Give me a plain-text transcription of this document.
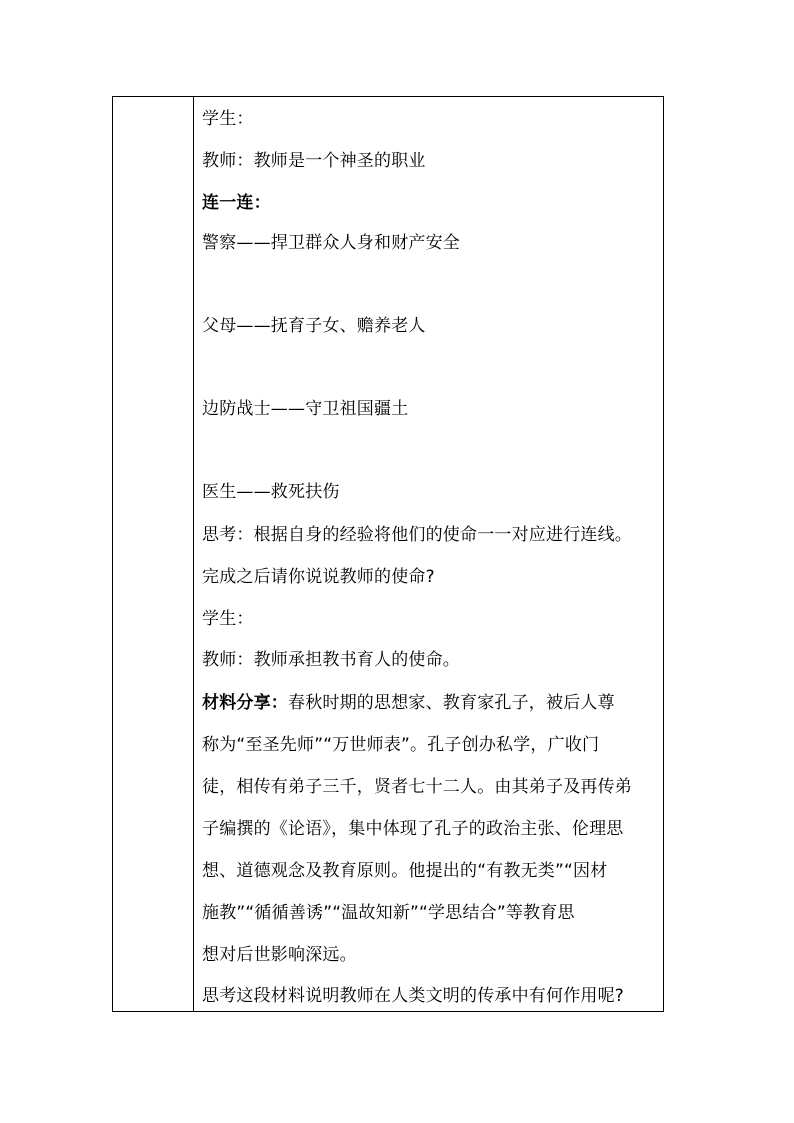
学生：
教师：教师是一个神圣的职业
连一连：
警察——捍卫群众人身和财产安全
父母——抚育子女、赡养老人
边防战士——守卫祖国疆土
医生——救死扶伤
思考：根据自身的经验将他们的使命一一对应进行连线。
完成之后请你说说教师的使命?
学生：
教师：教师承担教书育人的使命。
材料分享：春秋时期的思想家、教育家孔子，被后人尊
称为“至圣先师”“万世师表”。孔子创办私学，广收门
徒，相传有弟子三千，贤者七十二人。由其弟子及再传弟
子编撰的《论语》，集中体现了孔子的政治主张、伦理思
想、道德观念及教育原则。他提出的“有教无类”“因材
施教”“循循善诱”“温故知新”“学思结合”等教育思
想对后世影响深远。
思考这段材料说明教师在人类文明的传承中有何作用呢?
